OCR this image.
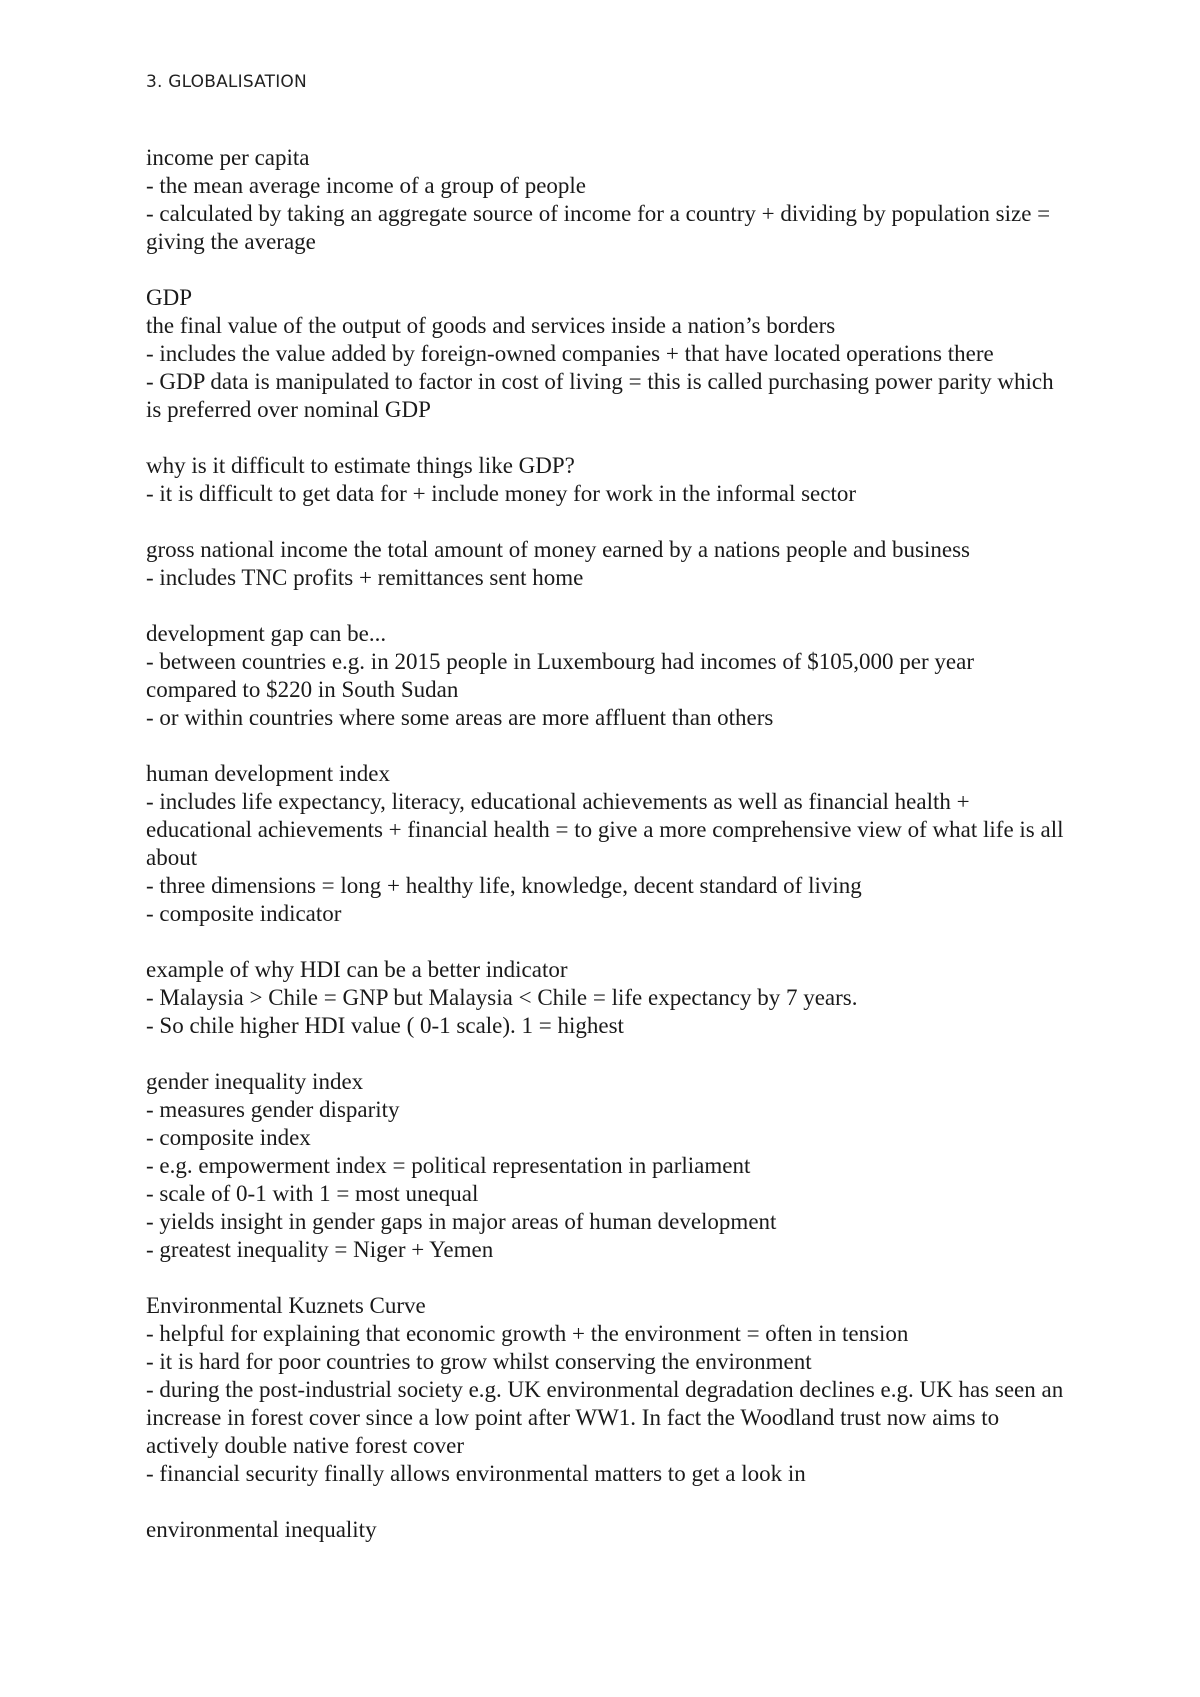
3. GLOBALISATION
income per capita
- the mean average income of a group of people
- calculated by taking an aggregate source of income for a country + dividing by population size = giving the average
GDP
the final value of the output of goods and services inside a nation’s borders
- includes the value added by foreign-owned companies + that have located operations there
- GDP data is manipulated to factor in cost of living = this is called purchasing power parity which is preferred over nominal GDP
why is it difficult to estimate things like GDP?
- it is difficult to get data for + include money for work in the informal sector
gross national income the total amount of money earned by a nations people and business
- includes TNC profits + remittances sent home
development gap can be...
- between countries e.g. in 2015 people in Luxembourg had incomes of $105,000 per year compared to $220 in South Sudan
- or within countries where some areas are more affluent than others
human development index
- includes life expectancy, literacy, educational achievements as well as financial health + educational achievements + financial health = to give a more comprehensive view of what life is all about
- three dimensions = long + healthy life, knowledge, decent standard of living
- composite indicator
example of why HDI can be a better indicator
- Malaysia > Chile = GNP but Malaysia < Chile = life expectancy by 7 years.
- So chile higher HDI value ( 0-1 scale). 1 = highest
gender inequality index
- measures gender disparity
- composite index
- e.g. empowerment index = political representation in parliament
- scale of 0-1 with 1 = most unequal
- yields insight in gender gaps in major areas of human development
- greatest inequality = Niger + Yemen
Environmental Kuznets Curve
- helpful for explaining that economic growth + the environment = often in tension
- it is hard for poor countries to grow whilst conserving the environment
- during the post-industrial society e.g. UK environmental degradation declines e.g. UK has seen an increase in forest cover since a low point after WW1. In fact the Woodland trust now aims to actively double native forest cover
- financial security finally allows environmental matters to get a look in
environmental inequality
